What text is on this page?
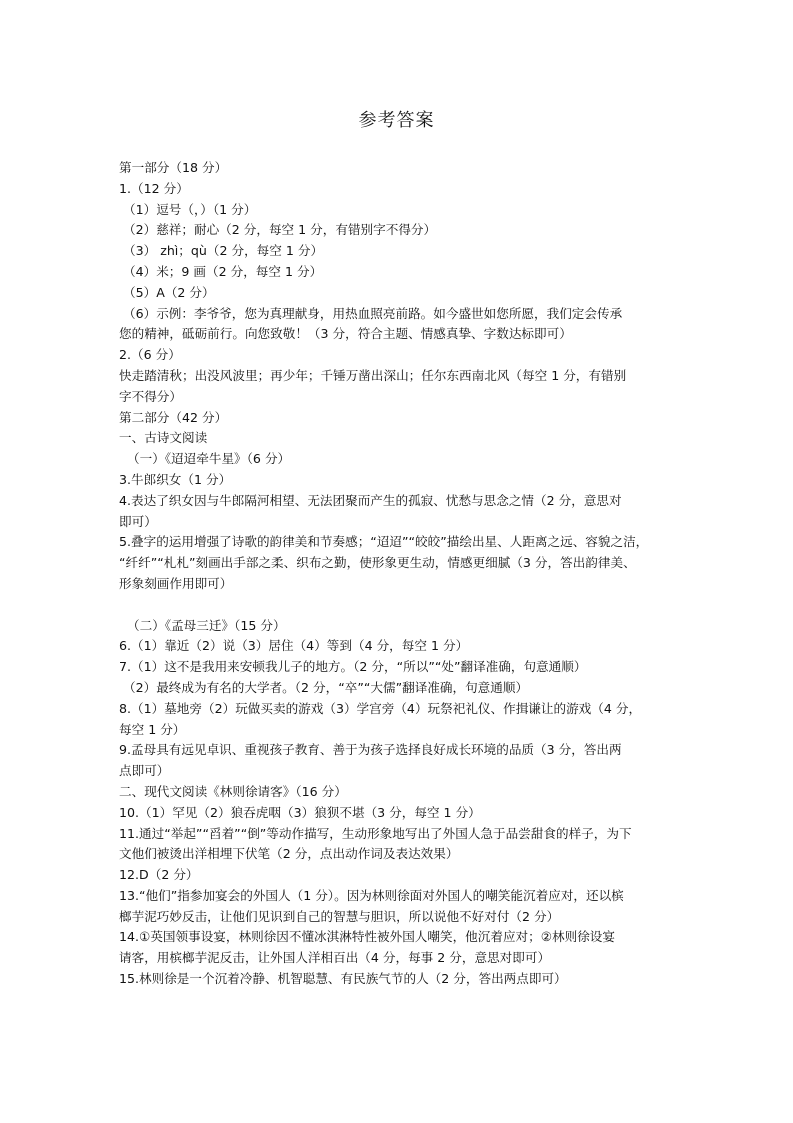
参考答案
第一部分（18 分）
1.（12 分）
（1）逗号（，）（1 分）
（2）慈祥；耐心（2 分，每空 1 分，有错别字不得分）
（3） zhì；qù（2 分，每空 1 分）
（4）米；9 画（2 分，每空 1 分）
（5）A（2 分）
（6）示例：李爷爷，您为真理献身，用热血照亮前路。如今盛世如您所愿，我们定会传承
您的精神，砥砺前行。向您致敬！（3 分，符合主题、情感真挚、字数达标即可）
2.（6 分）
快走踏清秋；出没风波里；再少年；千锤万凿出深山；任尔东西南北风（每空 1 分，有错别
字不得分）
第二部分（42 分）
一、古诗文阅读
（一）《迢迢牵牛星》（6 分）
3.牛郎织女（1 分）
4.表达了织女因与牛郎隔河相望、无法团聚而产生的孤寂、忧愁与思念之情（2 分，意思对
即可）
5.叠字的运用增强了诗歌的韵律美和节奏感；“迢迢”“皎皎”描绘出星、人距离之远、容貌之洁，
“纤纤”“札札”刻画出手部之柔、织布之勤，使形象更生动，情感更细腻（3 分，答出韵律美、
形象刻画作用即可）
（二）《孟母三迁》（15 分）
6.（1）靠近（2）说（3）居住（4）等到（4 分，每空 1 分）
7.（1）这不是我用来安顿我儿子的地方。（2 分，“所以”“处”翻译准确，句意通顺）
（2）最终成为有名的大学者。（2 分，“卒”“大儒”翻译准确，句意通顺）
8.（1）墓地旁（2）玩做买卖的游戏（3）学宫旁（4）玩祭祀礼仪、作揖谦让的游戏（4 分，
每空 1 分）
9.孟母具有远见卓识、重视孩子教育、善于为孩子选择良好成长环境的品质（3 分，答出两
点即可）
二、现代文阅读《林则徐请客》（16 分）
10.（1）罕见（2）狼吞虎咽（3）狼狈不堪（3 分，每空 1 分）
11.通过“举起”“舀着”“倒”等动作描写，生动形象地写出了外国人急于品尝甜食的样子，为下
文他们被烫出洋相埋下伏笔（2 分，点出动作词及表达效果）
12.D（2 分）
13.“他们”指参加宴会的外国人（1 分）。因为林则徐面对外国人的嘲笑能沉着应对，还以槟
榔芋泥巧妙反击，让他们见识到自己的智慧与胆识，所以说他不好对付（2 分）
14.①英国领事设宴，林则徐因不懂冰淇淋特性被外国人嘲笑，他沉着应对；②林则徐设宴
请客，用槟榔芋泥反击，让外国人洋相百出（4 分，每事 2 分，意思对即可）
15.林则徐是一个沉着冷静、机智聪慧、有民族气节的人（2 分，答出两点即可）
